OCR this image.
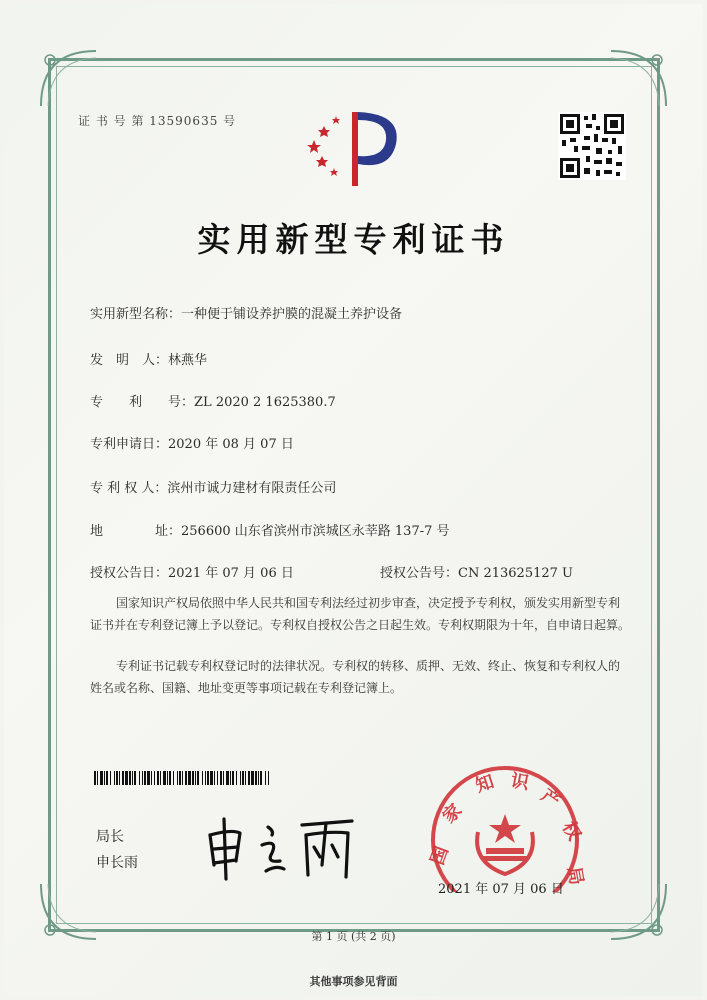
证 书 号 第 13590635 号
实用新型专利证书
实用新型名称：一种便于铺设养护膜的混凝土养护设备
发　明　人：林燕华
专　　利　　号：ZL 2020 2 1625380.7
专利申请日：2020 年 08 月 07 日
专 利 权 人：滨州市诚力建材有限责任公司
地　　　　址：256600 山东省滨州市滨城区永莘路 137-7 号
授权公告日：2021 年 07 月 06 日	授权公告号：CN 213625127 U
国家知识产权局依照中华人民共和国专利法经过初步审查，决定授予专利权，颁发实用新型专利证书并在专利登记簿上予以登记。专利权自授权公告之日起生效。专利权期限为十年，自申请日起算。
专利证书记载专利权登记时的法律状况。专利权的转移、质押、无效、终止、恢复和专利权人的姓名或名称、国籍、地址变更等事项记载在专利登记簿上。
局长
申长雨	国
家
知 识
产
权
局
2021 年 07 月 06 日
第 1 页 (共 2 页)
其他事项参见背面
